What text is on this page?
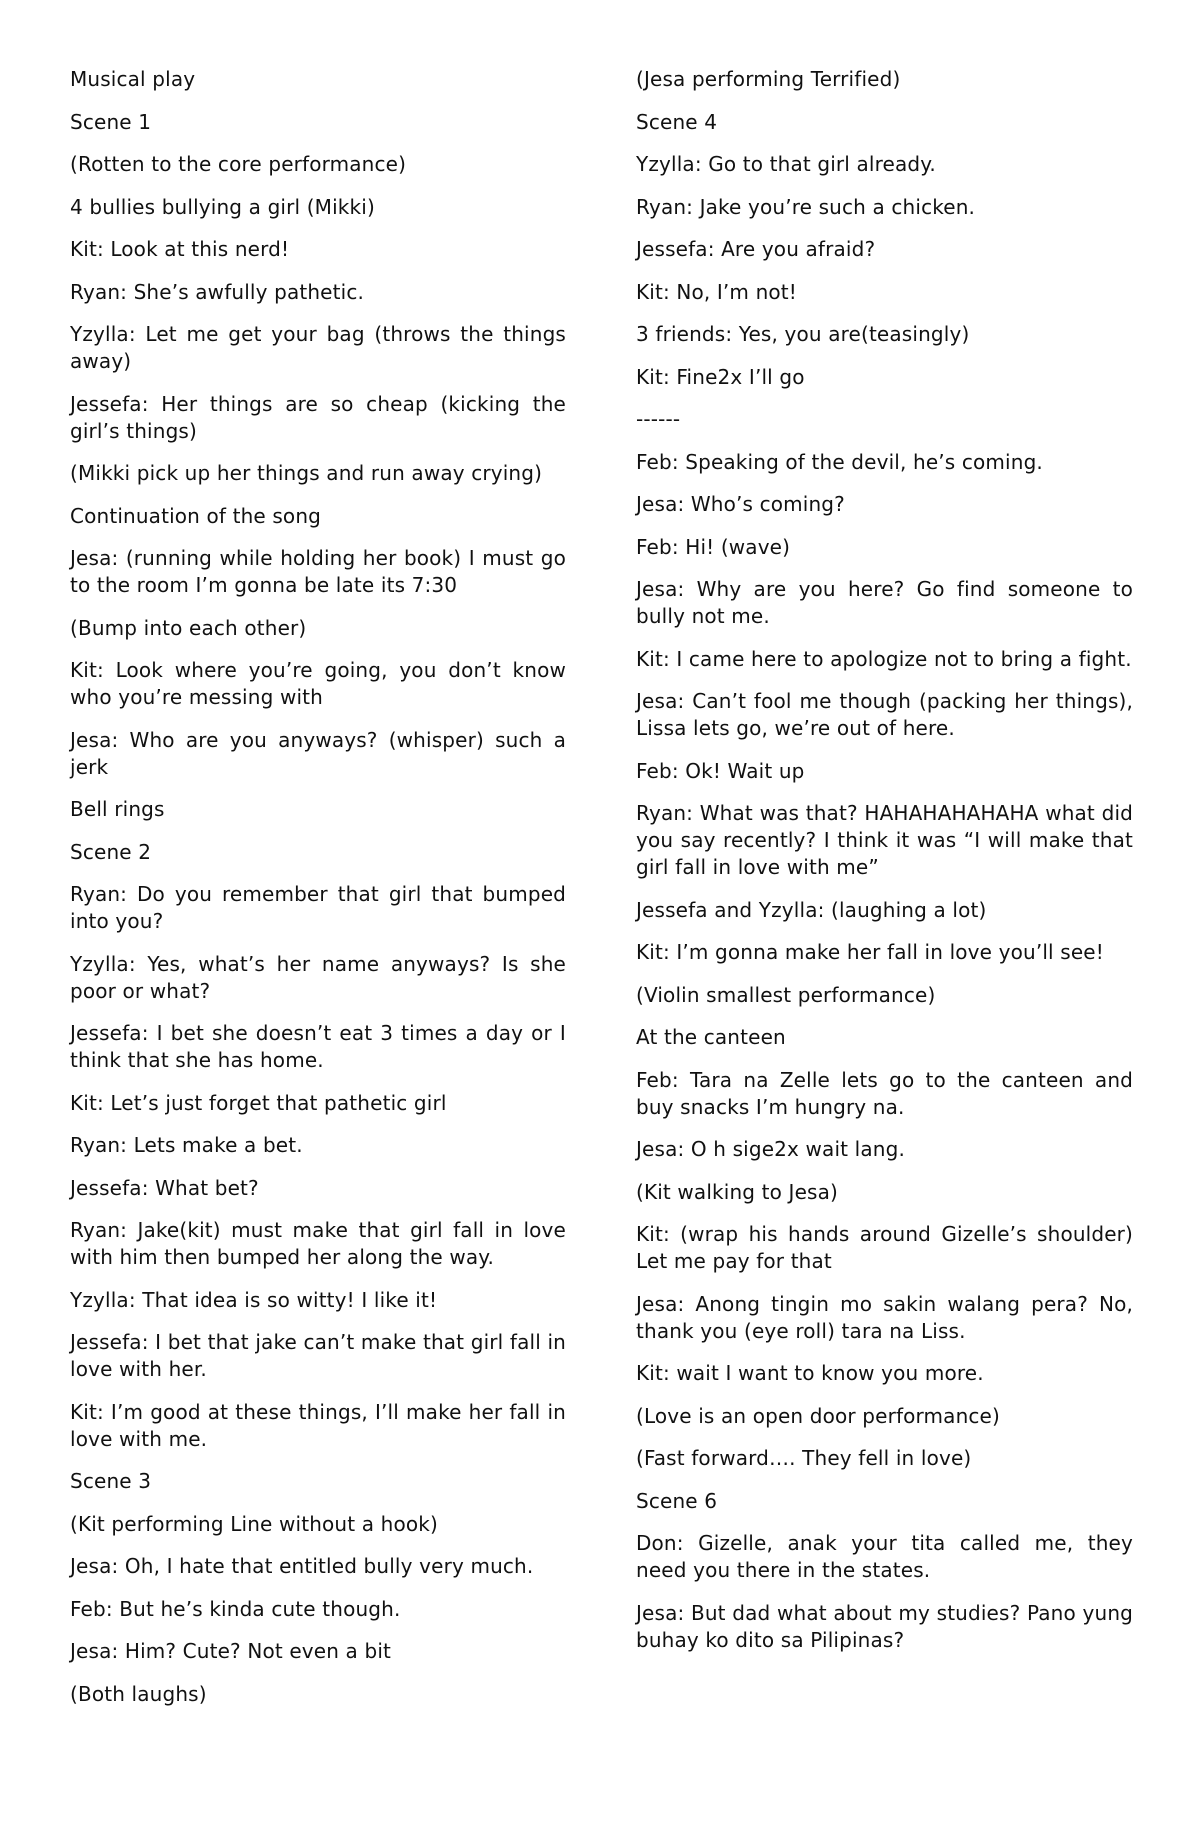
Musical play

Scene 1

(Rotten to the core performance)

4 bullies bullying a girl (Mikki)

Kit: Look at this nerd!

Ryan: She’s awfully pathetic.

Yzylla: Let me get your bag (throws the things away)

Jessefa: Her things are so cheap (kicking the girl’s things)

(Mikki pick up her things and run away crying)

Continuation of the song

Jesa: (running while holding her book) I must go to the room I’m gonna be late its 7:30

(Bump into each other)

Kit: Look where you’re going, you don’t know who you’re messing with

Jesa: Who are you anyways? (whisper) such a jerk

Bell rings

Scene 2

Ryan: Do you remember that girl that bumped into you?

Yzylla: Yes, what’s her name anyways? Is she poor or what?

Jessefa: I bet she doesn’t eat 3 times a day or I think that she has home.

Kit: Let’s just forget that pathetic girl

Ryan: Lets make a bet.

Jessefa: What bet?

Ryan: Jake(kit) must make that girl fall in love with him then bumped her along the way.

Yzylla: That idea is so witty! I like it!

Jessefa: I bet that jake can’t make that girl fall in love with her.

Kit: I’m good at these things, I’ll make her fall in love with me.

Scene 3

(Kit performing Line without a hook)

Jesa: Oh, I hate that entitled bully very much.

Feb: But he’s kinda cute though.

Jesa: Him? Cute? Not even a bit

(Both laughs)

(Jesa performing Terrified)

Scene 4

Yzylla: Go to that girl already.

Ryan: Jake you’re such a chicken.

Jessefa: Are you afraid?

Kit: No, I’m not!

3 friends: Yes, you are(teasingly)

Kit: Fine2x I’ll go

------

Feb: Speaking of the devil, he’s coming.

Jesa: Who’s coming?

Feb: Hi! (wave)

Jesa: Why are you here? Go find someone to bully not me.

Kit: I came here to apologize not to bring a fight.

Jesa: Can’t fool me though (packing her things), Lissa lets go, we’re out of here.

Feb: Ok! Wait up

Ryan: What was that? HAHAHAHAHAHA what did you say recently? I think it was “I will make that girl fall in love with me”

Jessefa and Yzylla: (laughing a lot)

Kit: I’m gonna make her fall in love you’ll see!

(Violin smallest performance)

At the canteen

Feb: Tara na Zelle lets go to the canteen and buy snacks I’m hungry na.

Jesa: O h sige2x wait lang.

(Kit walking to Jesa)

Kit: (wrap his hands around Gizelle’s shoulder) Let me pay for that

Jesa: Anong tingin mo sakin walang pera? No, thank you (eye roll) tara na Liss.

Kit: wait I want to know you more.

(Love is an open door performance)

(Fast forward…. They fell in love)

Scene 6

Don: Gizelle, anak your tita called me, they need you there in the states.

Jesa: But dad what about my studies? Pano yung buhay ko dito sa Pilipinas?
